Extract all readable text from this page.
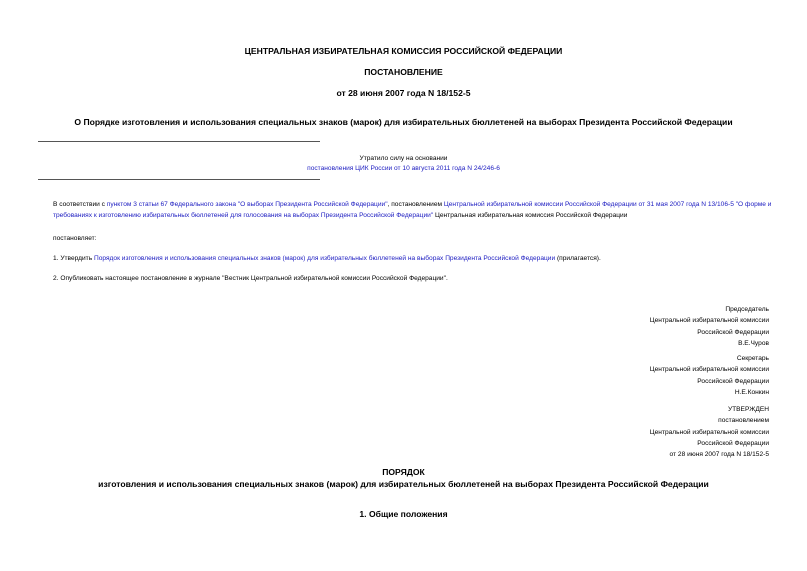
ЦЕНТРАЛЬНАЯ ИЗБИРАТЕЛЬНАЯ КОМИССИЯ РОССИЙСКОЙ ФЕДЕРАЦИИ
ПОСТАНОВЛЕНИЕ
от 28 июня 2007 года N 18/152-5
О Порядке изготовления и использования специальных знаков (марок) для избирательных бюллетеней на выборах Президента Российской Федерации
Утратило силу на основании
постановления ЦИК России от 10 августа 2011 года N 24/246-6
В соответствии с пунктом 3 статьи 67 Федерального закона "О выборах Президента Российской Федерации", постановлением Центральной избирательной комиссии Российской Федерации от 31 мая 2007 года N 13/106-5 "О форме и требованиях к изготовлению избирательных бюллетеней для голосования на выборах Президента Российской Федерации" Центральная избирательная комиссия Российской Федерации
постановляет:
1. Утвердить Порядок изготовления и использования специальных знаков (марок) для избирательных бюллетеней на выборах Президента Российской Федерации (прилагается).
2. Опубликовать настоящее постановление в журнале "Вестник Центральной избирательной комиссии Российской Федерации".
Председатель
Центральной избирательной комиссии
Российской Федерации
В.Е.Чуров
Секретарь
Центральной избирательной комиссии
Российской Федерации
Н.Е.Конкин
УТВЕРЖДЕН
постановлением
Центральной избирательной комиссии
Российской Федерации
от 28 июня 2007 года N 18/152-5
ПОРЯДОК
изготовления и использования специальных знаков (марок) для избирательных бюллетеней на выборах Президента Российской Федерации
1. Общие положения
